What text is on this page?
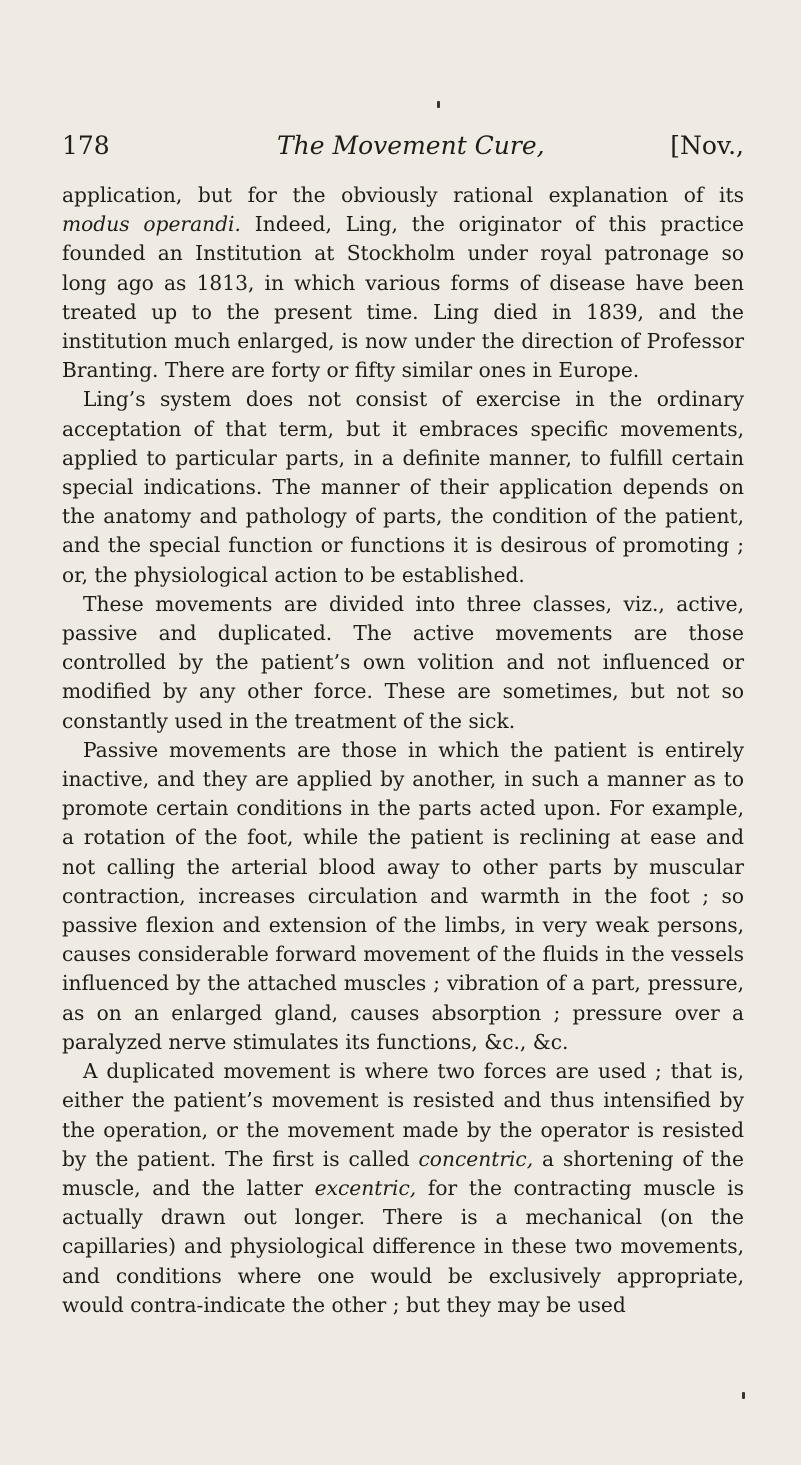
178	The Movement Cure,	[Nov.,

application, but for the obviously rational explanation of its modus operandi. Indeed, Ling, the originator of this practice founded an Institution at Stockholm under royal patronage so long ago as 1813, in which various forms of disease have been treated up to the present time. Ling died in 1839, and the institution much enlarged, is now under the direction of Professor Branting. There are forty or fifty similar ones in Europe.

Ling’s system does not consist of exercise in the ordinary acceptation of that term, but it embraces specific movements, applied to particular parts, in a definite manner, to fulfill certain special indications. The manner of their application depends on the anatomy and pathology of parts, the condition of the patient, and the special function or functions it is desirous of promoting ; or, the physiological action to be established.

These movements are divided into three classes, viz., active, passive and duplicated. The active movements are those controlled by the patient’s own volition and not influenced or modified by any other force. These are sometimes, but not so constantly used in the treatment of the sick.

Passive movements are those in which the patient is entirely inactive, and they are applied by another, in such a manner as to promote certain conditions in the parts acted upon. For example, a rotation of the foot, while the patient is reclining at ease and not calling the arterial blood away to other parts by muscular contraction, increases circulation and warmth in the foot ; so passive flexion and extension of the limbs, in very weak persons, causes considerable forward movement of the fluids in the vessels influenced by the attached muscles ; vibration of a part, pressure, as on an enlarged gland, causes absorption ; pressure over a paralyzed nerve stimulates its functions, &c., &c.

A duplicated movement is where two forces are used ; that is, either the patient’s movement is resisted and thus intensified by the operation, or the movement made by the operator is resisted by the patient. The first is called concentric, a shortening of the muscle, and the latter excentric, for the contracting muscle is actually drawn out longer. There is a mechanical (on the capillaries) and physiological difference in these two movements, and conditions where one would be exclusively appropriate, would contra-indicate the other ; but they may be used
